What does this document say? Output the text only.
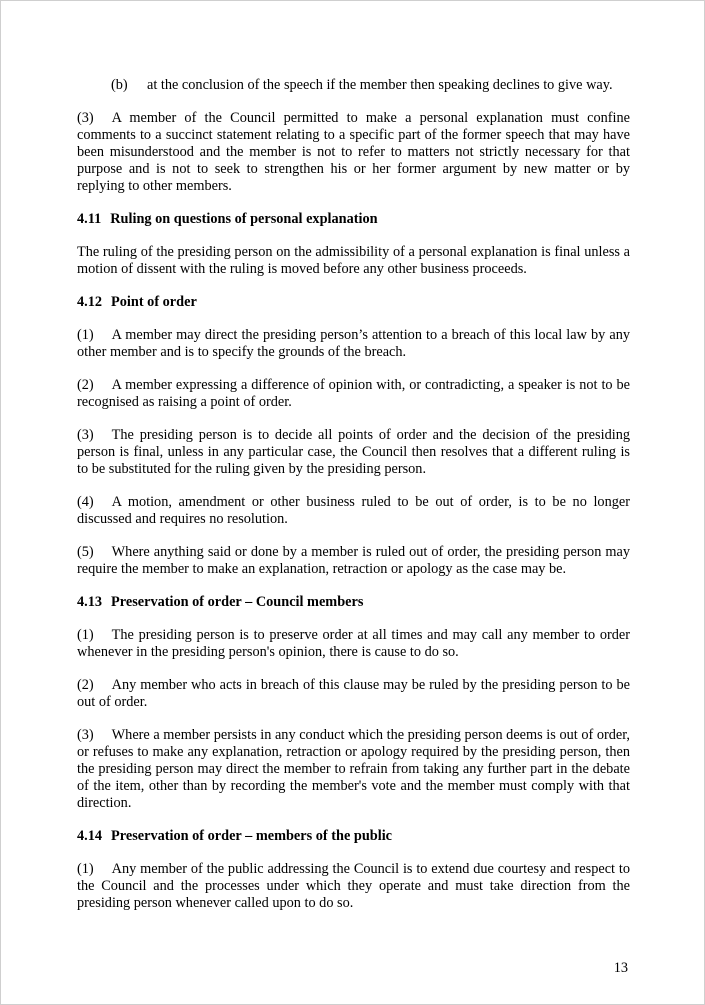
(b) at the conclusion of the speech if the member then speaking declines to give way.

(3) A member of the Council permitted to make a personal explanation must confine comments to a succinct statement relating to a specific part of the former speech that may have been misunderstood and the member is not to refer to matters not strictly necessary for that purpose and is not to seek to strengthen his or her former argument by new matter or by replying to other members.

4.11 Ruling on questions of personal explanation

The ruling of the presiding person on the admissibility of a personal explanation is final unless a motion of dissent with the ruling is moved before any other business proceeds.

4.12 Point of order

(1) A member may direct the presiding person’s attention to a breach of this local law by any other member and is to specify the grounds of the breach.

(2) A member expressing a difference of opinion with, or contradicting, a speaker is not to be recognised as raising a point of order.

(3) The presiding person is to decide all points of order and the decision of the presiding person is final, unless in any particular case, the Council then resolves that a different ruling is to be substituted for the ruling given by the presiding person.

(4) A motion, amendment or other business ruled to be out of order, is to be no longer discussed and requires no resolution.

(5) Where anything said or done by a member is ruled out of order, the presiding person may require the member to make an explanation, retraction or apology as the case may be.

4.13 Preservation of order – Council members

(1) The presiding person is to preserve order at all times and may call any member to order whenever in the presiding person's opinion, there is cause to do so.

(2) Any member who acts in breach of this clause may be ruled by the presiding person to be out of order.

(3) Where a member persists in any conduct which the presiding person deems is out of order, or refuses to make any explanation, retraction or apology required by the presiding person, then the presiding person may direct the member to refrain from taking any further part in the debate of the item, other than by recording the member's vote and the member must comply with that direction.

4.14 Preservation of order – members of the public

(1) Any member of the public addressing the Council is to extend due courtesy and respect to the Council and the processes under which they operate and must take direction from the presiding person whenever called upon to do so.

13
